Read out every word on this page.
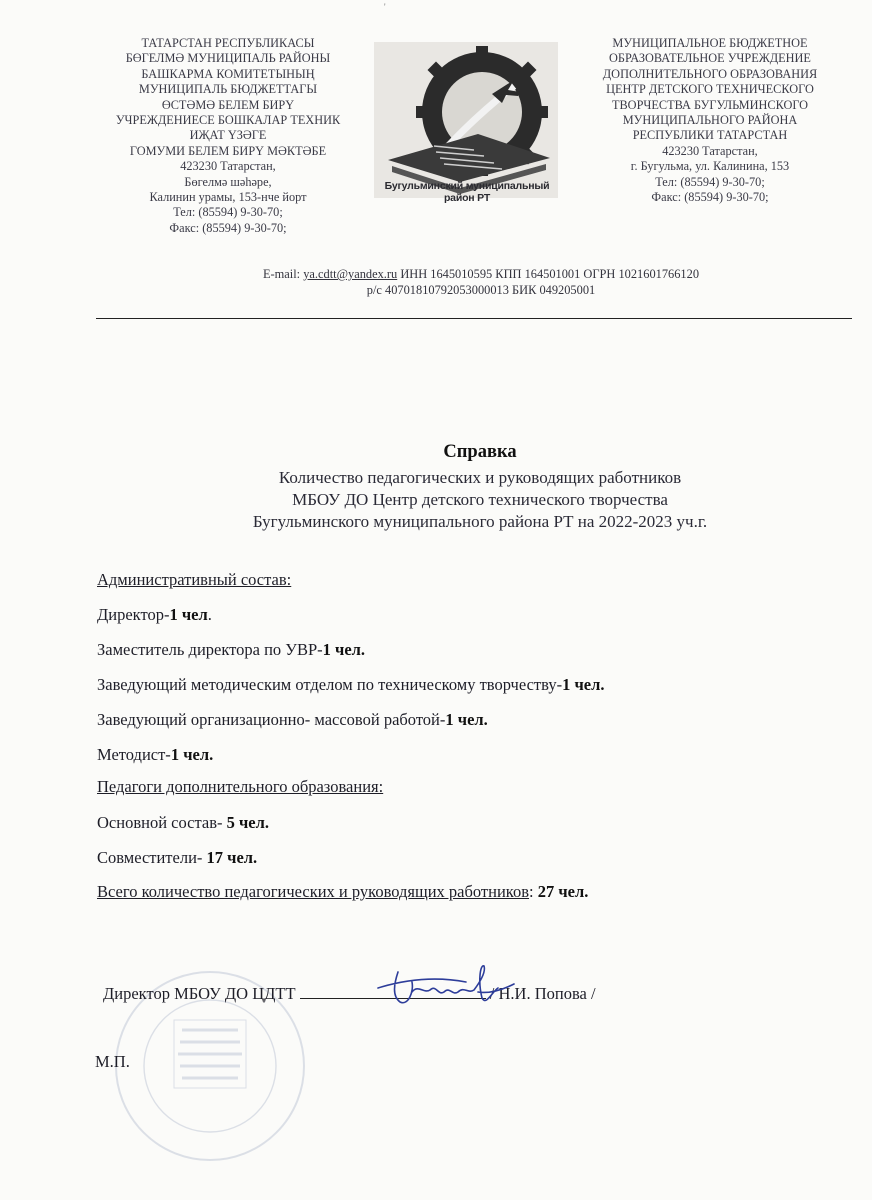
'
ТАТАРСТАН РЕСПУБЛИКАСЫ
БӨГЕЛМӘ МУНИЦИПАЛЬ РАЙОНЫ
БАШКАРМА КОМИТЕТЫНЫҢ
МУНИЦИПАЛЬ БЮДЖЕТТАГЫ
ӨСТӘМӘ БЕЛЕМ БИРҮ
УЧРЕЖДЕНИЕСЕ БОШКАЛАР ТЕХНИК
ИҖАТ ҮЗӘГЕ
ГОМУМИ БЕЛЕМ БИРҮ МӘКТӘБЕ
423230 Татарстан,
Бөгелмә шәһәре,
Калинин урамы, 153-нче йорт
Тел: (85594) 9-30-70;
Факс: (85594) 9-30-70;
Бугульминский муниципальный район РТ
МУНИЦИПАЛЬНОЕ БЮДЖЕТНОЕ
ОБРАЗОВАТЕЛЬНОЕ УЧРЕЖДЕНИЕ
ДОПОЛНИТЕЛЬНОГО ОБРАЗОВАНИЯ
ЦЕНТР ДЕТСКОГО ТЕХНИЧЕСКОГО
ТВОРЧЕСТВА БУГУЛЬМИНСКОГО
МУНИЦИПАЛЬНОГО РАЙОНА
РЕСПУБЛИКИ ТАТАРСТАН
423230 Татарстан,
г. Бугульма, ул. Калинина, 153
Тел: (85594) 9-30-70;
Факс: (85594) 9-30-70;
E-mail: ya.cdtt@yandex.ru ИНН 1645010595 КПП 164501001 ОГРН 1021601766120
р/с 40701810792053000013 БИК 049205001
Справка
Количество педагогических и руководящих работников
МБОУ ДО Центр детского технического творчества
Бугульминского муниципального района РТ на 2022-2023 уч.г.
Административный состав:
Директор-1 чел.
Заместитель директора по УВР-1 чел.
Заведующий методическим отделом по техническому творчеству-1 чел.
Заведующий организационно- массовой работой-1 чел.
Методист-1 чел.
Педагоги дополнительного образования:
Основной состав- 5 чел.
Совместители- 17 чел.
Всего количество педагогических и руководящих работников: 27 чел.
Директор МБОУ ДО ЦДТТ	/ Н.И. Попова /
М.П.
